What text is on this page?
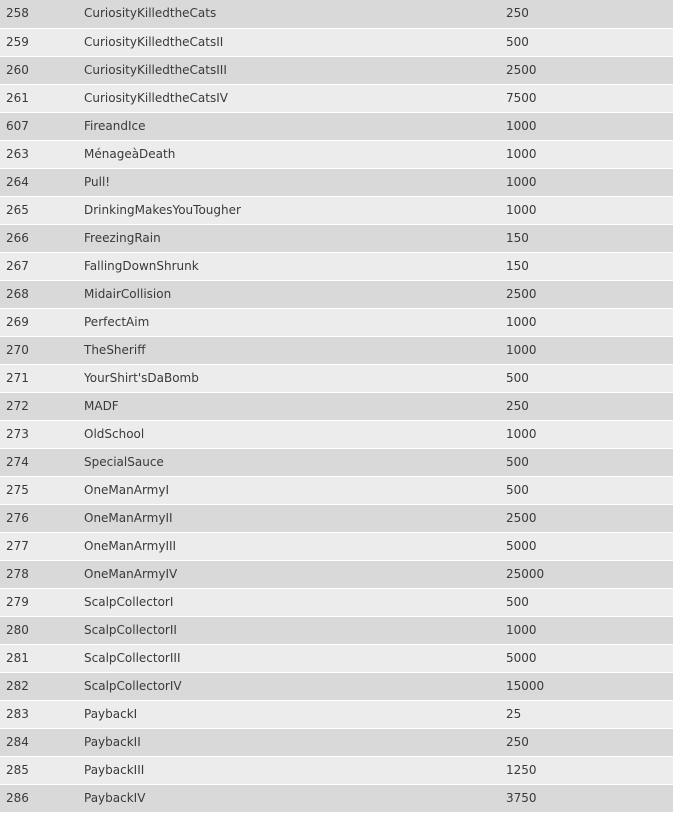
258	CuriosityKilledtheCats	250
259	CuriosityKilledtheCatsII	500
260	CuriosityKilledtheCatsIII	2500
261	CuriosityKilledtheCatsIV	7500
607	FireandIce	1000
263	MénageàDeath	1000
264	Pull!	1000
265	DrinkingMakesYouTougher	1000
266	FreezingRain	150
267	FallingDownShrunk	150
268	MidairCollision	2500
269	PerfectAim	1000
270	TheSheriff	1000
271	YourShirt'sDaBomb	500
272	MADF	250
273	OldSchool	1000
274	SpecialSauce	500
275	OneManArmyI	500
276	OneManArmyII	2500
277	OneManArmyIII	5000
278	OneManArmyIV	25000
279	ScalpCollectorI	500
280	ScalpCollectorII	1000
281	ScalpCollectorIII	5000
282	ScalpCollectorIV	15000
283	PaybackI	25
284	PaybackII	250
285	PaybackIII	1250
286	PaybackIV	3750
